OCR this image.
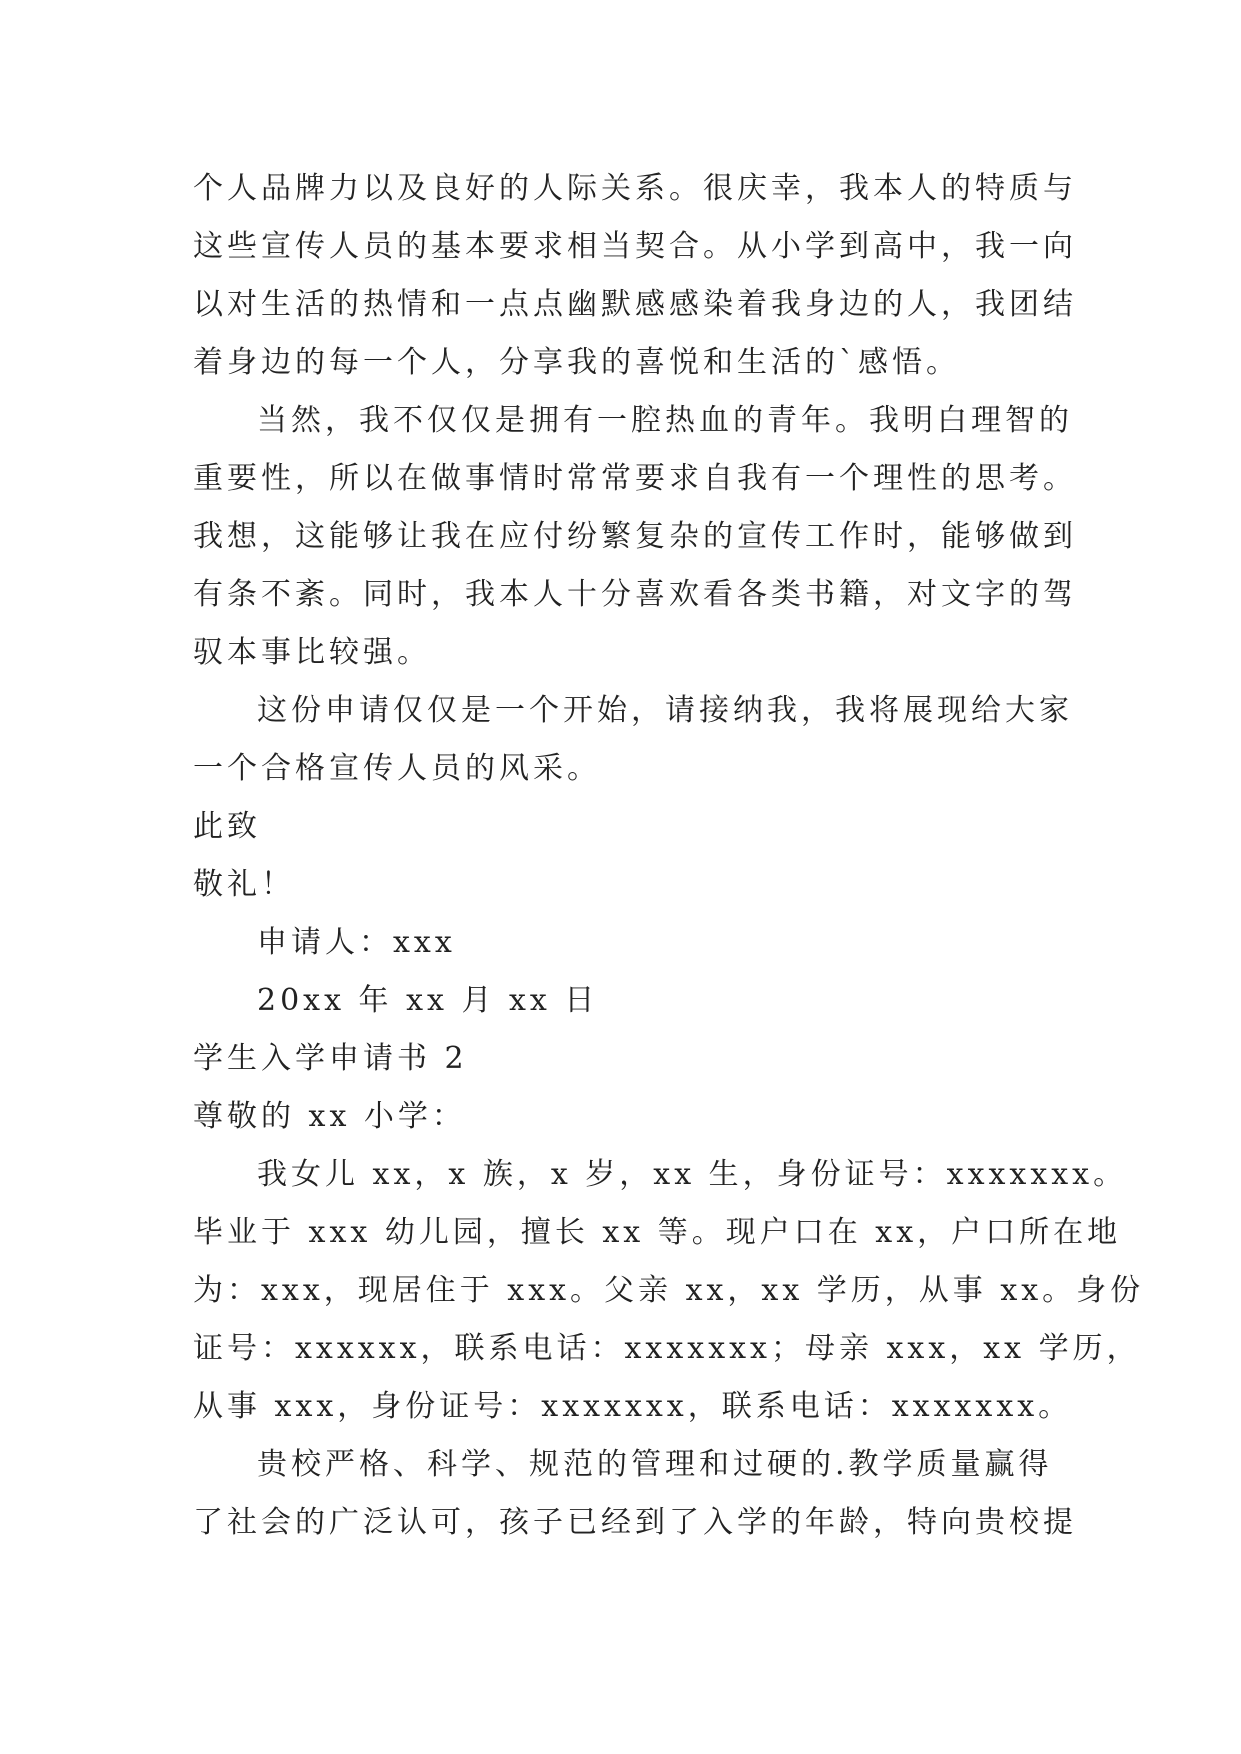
个人品牌力以及良好的人际关系。很庆幸，我本人的特质与
这些宣传人员的基本要求相当契合。从小学到高中，我一向
以对生活的热情和一点点幽默感感染着我身边的人，我团结
着身边的每一个人，分享我的喜悦和生活的`感悟。
当然，我不仅仅是拥有一腔热血的青年。我明白理智的
重要性，所以在做事情时常常要求自我有一个理性的思考。
我想，这能够让我在应付纷繁复杂的宣传工作时，能够做到
有条不紊。同时，我本人十分喜欢看各类书籍，对文字的驾
驭本事比较强。
这份申请仅仅是一个开始，请接纳我，我将展现给大家
一个合格宣传人员的风采。
此致
敬礼！
申请人：xxx
20xx 年 xx 月 xx 日
学生入学申请书 2
尊敬的 xx 小学：
我女儿 xx，x 族，x 岁，xx 生，身份证号：xxxxxxx。
毕业于 xxx 幼儿园，擅长 xx 等。现户口在 xx，户口所在地
为：xxx，现居住于 xxx。父亲 xx，xx 学历，从事 xx。身份
证号：xxxxxx，联系电话：xxxxxxx；母亲 xxx，xx 学历，
从事 xxx，身份证号：xxxxxxx，联系电话：xxxxxxx。
贵校严格、科学、规范的管理和过硬的.教学质量赢得
了社会的广泛认可，孩子已经到了入学的年龄，特向贵校提
